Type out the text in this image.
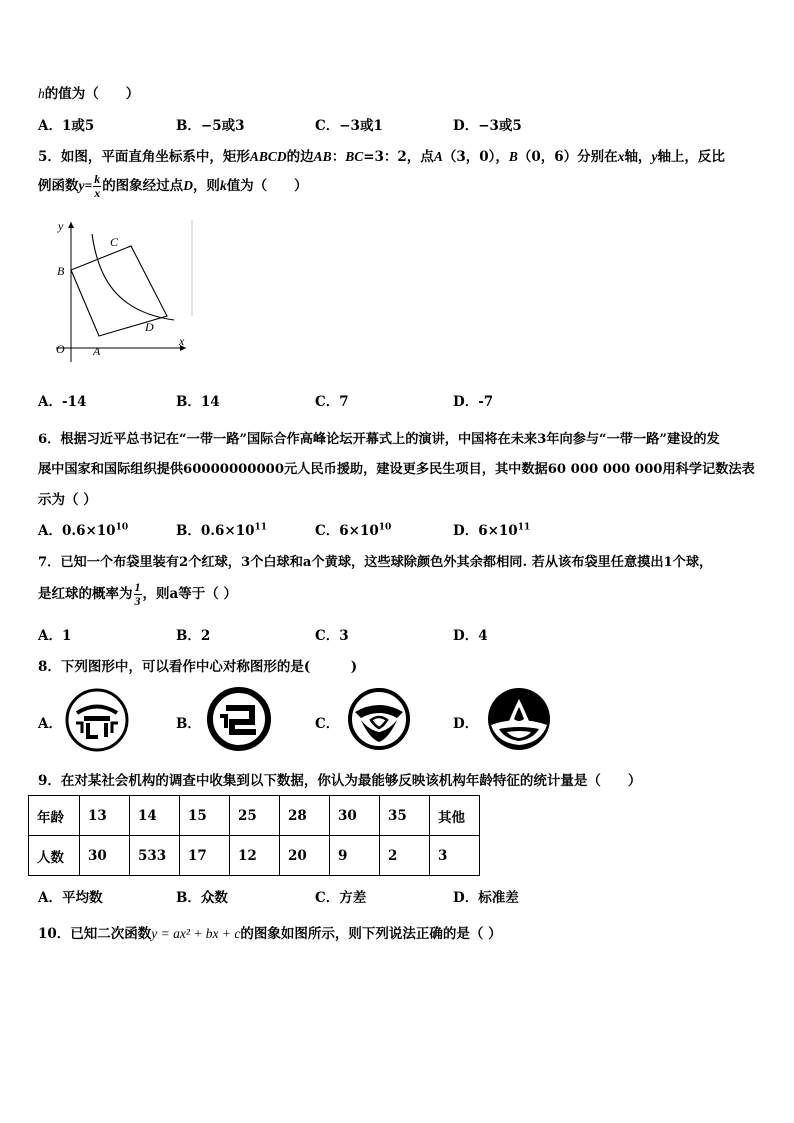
h的值为（　　）
A．1或5	B．−5或3	C．−3或1	D．−3或5
5．如图，平面直角坐标系中，矩形ABCD的边AB：BC=3：2，点A（3，0），B（0，6）分别在x轴，y轴上，反比
例函数$y= \frac{k}{x}$ 的图象经过点D，则k值为（　　）
y
x
C
B
D
O A
A．-14	B．14	C．7	D．-7
6．根据习近平总书记在“一带一路”国际合作高峰论坛开幕式上的演讲，中国将在未来3年向参与“一带一路”建设的发
展中国家和国际组织提供60000000000元人民币援助，建设更多民生项目，其中数据60 000 000 000用科学记数法表
示为（ ）
A．$0.6\times 10^{10}$	B．$0.6\times 10^{11}$	C．$6\times 10^{10}$	D．$6\times 10^{11}$
7．已知一个布袋里装有2个红球，3个白球和a个黄球，这些球除颜色外其余都相同. 若从该布袋里任意摸出1个球，
是红球的概率为 $\frac{1}{3}$ ，则a等于（ ）
A．1	B．2	C．3	D．4
8．下列图形中，可以看作中心对称图形的是(　　　)
A．	B．	C．	D．
9．在对某社会机构的调查中收集到以下数据，你认为最能够反映该机构年龄特征的统计量是（　　）
年龄	13	14	15	25	28	30	35	其他
人数	30	533	17	12	20	9	2	3
A．平均数	B．众数	C．方差	D．标准差
10．已知二次函数y = ax² + bx + c的图象如图所示，则下列说法正确的是（ ）
